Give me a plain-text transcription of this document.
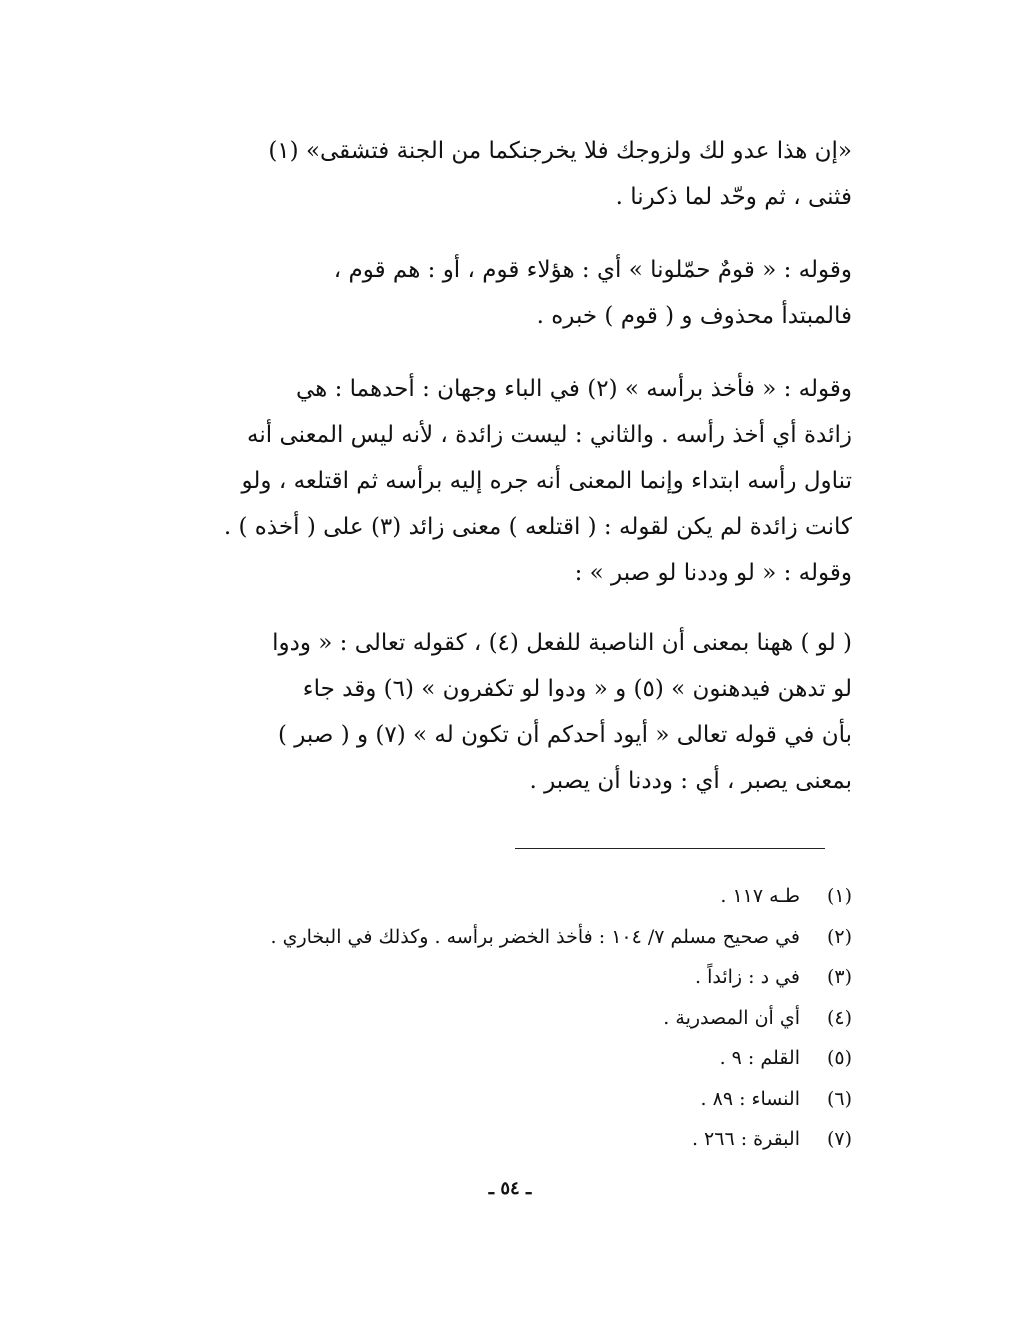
«إن هذا عدو لك ولزوجك فلا يخرجنكما من الجنة فتشقى» (١)
فثنى ، ثم وحّد لما ذكرنا .
وقوله : « قومٌ حمّلونا » أي : هؤلاء قوم ، أو : هم قوم ،
فالمبتدأ محذوف و ( قوم ) خبره .
وقوله : « فأخذ برأسه » (٢) في الباء وجهان : أحدهما : هي
زائدة أي أخذ رأسه . والثاني : ليست زائدة ، لأنه ليس المعنى أنه
تناول رأسه ابتداء وإنما المعنى أنه جره إليه برأسه ثم اقتلعه ، ولو
كانت زائدة لم يكن لقوله : ( اقتلعه ) معنى زائد (٣) على ( أخذه ) .
وقوله : « لو وددنا لو صبر » :
( لو ) ههنا بمعنى أن الناصبة للفعل (٤) ، كقوله تعالى : « ودوا
لو تدهن فيدهنون » (٥) و « ودوا لو تكفرون » (٦) وقد جاء
بأن في قوله تعالى « أيود أحدكم أن تكون له » (٧) و ( صبر )
بمعنى يصبر ، أي : وددنا أن يصبر .
(١)
طـه ١١٧ .
(٢)
في صحيح مسلم ٧/ ١٠٤ : فأخذ الخضر برأسه . وكذلك في البخاري .
(٣)
في د : زائداً .
(٤)
أي أن المصدرية .
(٥)
القلم : ٩ .
(٦)
النساء : ٨٩ .
(٧)
البقرة : ٢٦٦ .
ـ ٥٤ ـ
